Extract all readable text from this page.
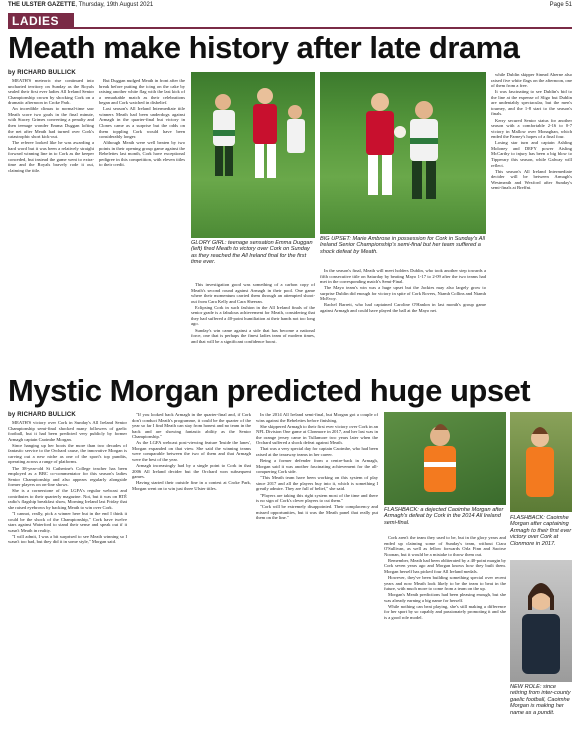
THE ULSTER GAZETTE, Thursday, 19th August 2021	Page 51
LADIES
Meath make history after late drama
by RICHARD BULLICK

MEATH'S meteoric rise continued into uncharted territory on Sunday as the Royals sealed their first ever ladies All Ireland Senior Championship crown by shocking Cork on a dramatic afternoon in Croke Park.

An incredible climax to normal-time saw Meath score two goals in the final minute, with Stacey Grimes converting a penalty and then teenage wonder Emma Duggan lofting the net after Meath had turned over Cork's catastrophic short kick-out.

The referee looked like he was awarding a hard word but it was been a relatively straight forward winning line in to Cork as the keeper conceded, but instead the game went to extra-time and the Royals bravely rode it out, claiming the title.

But Duggan nudged Meath in front after the break before putting the icing on the cake by raising another white flag with the last kick of a remarkable match as their celebrations began and Cork watched in disbelief.

Last season's All Ireland Intermediate title winners Meath had been underdogs against Armagh in the quarter-final but victory in Clones came as a surprise but the odds on them toppling Cork would have been considerably longer.

Although Meath were well beaten by two points in their opening group game against the Rebelettes last month, Cork have exceptional pedigree in this competition, with eleven titles to their credit.

GLORY GIRL: teenage sensation Emma Duggan (left) fired Meath to victory over Cork on Sunday as they reached the All Ireland final for the first time ever.

This investigation good was something of a carbon copy of Meath's second round against Armagh in their pool. One game where their momentum carried them through an attempted shoot-out from Cara Kelly and Cara Sheeran.

Eclipsing Cork in such fashion in the All Ireland finals of the senior grade is a fabulous achievement for Meath, considering that they had suffered a 40-point humiliation at their hands not too long ago.

Sunday's win came against a side that has become a national force, one that is perhaps the finest ladies team of modern times, and that will be a significant confidence boost.

BIG UPSET: Marie Ambrose in possession for Cork in Sunday's All Ireland Senior Championship's semi-final but her team suffered a shock defeat by Meath.

In the season's final, Meath will meet holders Dublin, who took another step towards a fifth consecutive title on Saturday by beating Mayo 1-17 to 2-09 after the two teams had met in the corresponding match's Semi-Final.

The Mayo team's win was a huge upset but the Jackies may also largely grow to surprise Dublin did enough for victory in spite of Cork Rovers, Niamh Collins and Niamh McEvoy.

Rachel Barrett, who had captained Caroline O'Hanlon in last month's group game against Armagh and could have played the ball at the Mayo net.

while Dublin skipper Sinead Aherne also raised five white flags on the afternoon, one of them from a free.

It was fascinating to see Dublin's bid to the line at the expense of Sligo but Dublin are undeniably spectacular, but the men's tourney, and the 1-8 start to the season's finals.

Kerry secured Senior status for another season with a comfortable 2-16 to 0-7 victory in Mallow over Monaghan, which ended the Farney's hopes of a final four.

Losing star turn and captain Ashling Moloney and DEFY power Aisling McCarthy to injury has been a big blow to Tipperary this season, while Galway will reflect.

This season's All Ireland Intermediate decider will be between Armagh's Westmeath and Wexford after Sunday's semi-finals at Breffni.

Mystic Morgan predicted huge upset
by RICHARD BULLICK

MEATH'S victory over Cork in Sunday's All Ireland Senior Championship semi-final shocked many followers of gaelic football, but it had been predicted very publicly by former Armagh captain Caoimhe Morgan.

Since hanging up her boots the more than two decades of fantastic service to the Orchard cause, the innovative Morgan is carving out a new niche as one of the sport's top pundits, operating across a range of platforms.

The 38-year-old St Catherine's College teacher has been employed as a BBC co-commentator for this season's ladies Senior Championship and also appears regularly alongside former players on on-line shows.

She is a cornerstone of the LGFA's regular webcast and contributes to their quarterly magazine. Not, but it was on RTÉ radio's flagship breakfast show, Morning Ireland last Friday that she raised eyebrows by backing Meath to win over Cork.

"I cannot, really, pick a winner here but in the end I think it could be the shock of the Championship," Cork have twelve stars against Waterford to stand their sense and speak out if it wasn't Meath in reality.

"I will admit, I was a bit surprised to see Meath winning so I wasn't too bad, but they did it in some style," Morgan said.

"If you looked back Armagh in the quarter-final and, if Cork don't conduct Meath's programme, it could be the quarter of the year so far I find Meath can stay from honest and no team in the back and are showing fantastic ability as the Senior Championship."

As the LGFA webcast post-viewing feature 'Inside the lanes', Morgan expanded on that view. She said the winning teams were comparable between the two of them and that Armagh were the best of the year.

Armagh increasingly had by a single point to Cork in that 2006 All Ireland decider but the Orchard won subsequent games.

Having started their outside fine in a contest at Croke Park, Morgan went on to win just three Ulster titles.

In the 2014 All Ireland semi-final, but Morgan got a couple of wins against the Rebelettes before finishing.

She skippered Armagh to their first ever victory over Cork in an NFL Division One game at Clonmore in 2017, and her last was in the orange jersey came in Tullamore two years later when the Orchard suffered a shock defeat against Meath.

That was a very special day for captain Caoimhe, who had been raised at the tearaway teams in her career.

Being a former defender from a centre-back in Armagh, Morgan said it was another fascinating achievement for the all-conquering Cork side.

"This Meath team have been working on this system of play since 2017 and all the players buy into it, which is something I greatly admire. They are full of belief," she said.

"Players are taking this right system most of the time and there is no sign of Cork's clever players to cut them."

"Cork will be extremely disappointed. Their complacency and missed opportunities, but it was the Meath panel that really put them on the line."

FLASHBACK: a dejected Caoimhe Morgan after Armagh's defeat by Cork in the 2014 All Ireland semi-final.
FLASHBACK: Caoimhe Morgan after captaining Armagh to their first ever victory over Cork at Clonmore in 2017.

Cork aren't the team they used to be, but in the glory years and ended up claiming some of Sunday's team, without Ciara O'Sullivan, as well as fellow forwards Orla Finn and Saoirse Noonan, but it would be a mistake to throw them out.

Remember, Meath had been obliterated by a 40-point margin by Cork seven years ago and Morgan knows how they built them. Morgan herself has picked four All Ireland medals.

However, they've been building something special over recent years and now Meath look likely to be the team to beat in the future, with much more to come from a team on the up.

Morgan's Meath predictions had been pleasing enough, but she was already earning a big name for herself.

While nothing can beat playing, she's still making a difference for her sport by so capably and passionately promoting it and she is a good role model.

NEW ROLE: since retiring from inter-county gaelic football, Caoimhe Morgan is making her name as a pundit.
